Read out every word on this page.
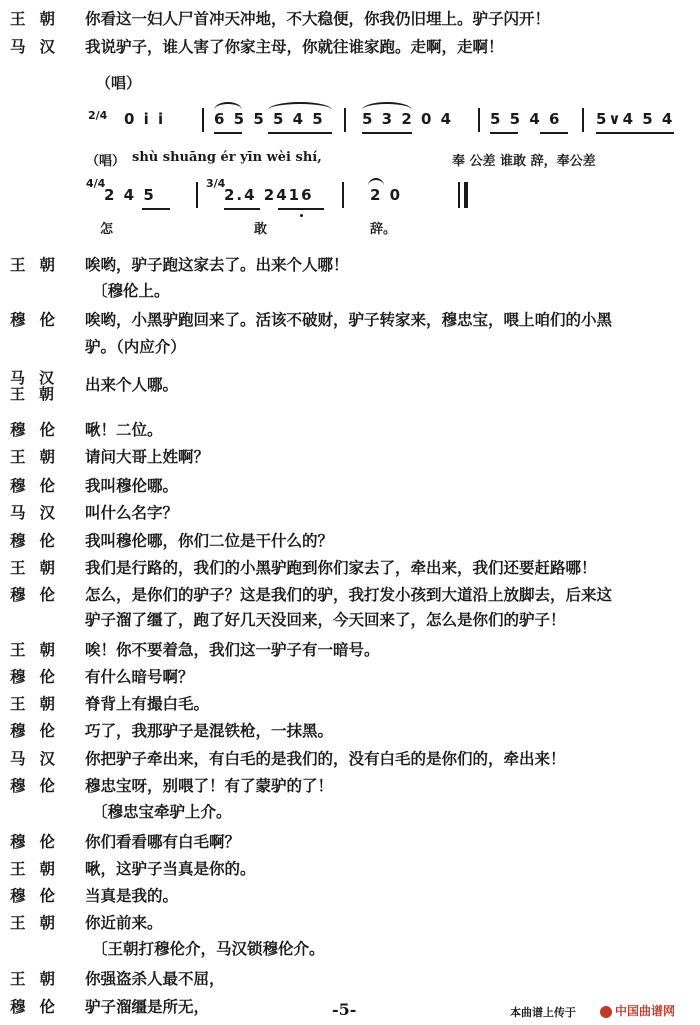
王朝 你看这一妇人尸首冲天冲地，不大稳便，你我仍旧埋上。驴子闪开！
马汉 我说驴子，谁人害了你家主母，你就往谁家跑。走啊，走啊！
（唱）
2/4 0 i i	6 5 5 5 4 5 5 3 2 0 4 5 5 4 6 5∨4 5 4
（唱） shù shuāng ér yīn wèi shí,	奉 公差 谁敢 辞，奉公差
4/4
2 4 5
3/4
2.4 2416	2 0
怎	敢	辞。
王朝 唉哟，驴子跑这家去了。出来个人哪！
〔穆伦上。
穆伦 唉哟，小黑驴跑回来了。活该不破财，驴子转家来，穆忠宝，喂上咱们的小黑
驴。（内应介）
马汉
王朝 出来个人哪。
穆伦 啾！二位。
王朝 请问大哥上姓啊？
穆伦 我叫穆伦哪。
马汉 叫什么名字？
穆伦 我叫穆伦哪，你们二位是干什么的？
王朝 我们是行路的，我们的小黑驴跑到你们家去了，牵出来，我们还要赶路哪！
穆伦 怎么，是你们的驴子？这是我们的驴，我打发小孩到大道沿上放脚去，后来这
驴子溜了缰了，跑了好几天没回来，今天回来了，怎么是你们的驴子！
王朝 唉！你不要着急，我们这一驴子有一暗号。
穆伦 有什么暗号啊？
王朝 脊背上有撮白毛。
穆伦 巧了，我那驴子是混铁枪，一抹黑。
马汉 你把驴子牵出来，有白毛的是我们的，没有白毛的是你们的，牵出来！
穆伦 穆忠宝呀，别喂了！有了蒙驴的了！
〔穆忠宝牵驴上介。
穆伦 你们看看哪有白毛啊？
王朝 啾，这驴子当真是你的。
穆伦 当真是我的。
王朝 你近前来。
〔王朝打穆伦介，马汉锁穆伦介。
王朝 你强盗杀人最不屈，
穆伦 驴子溜缰是所无，	-5-	本曲谱上传于	中国曲谱网
